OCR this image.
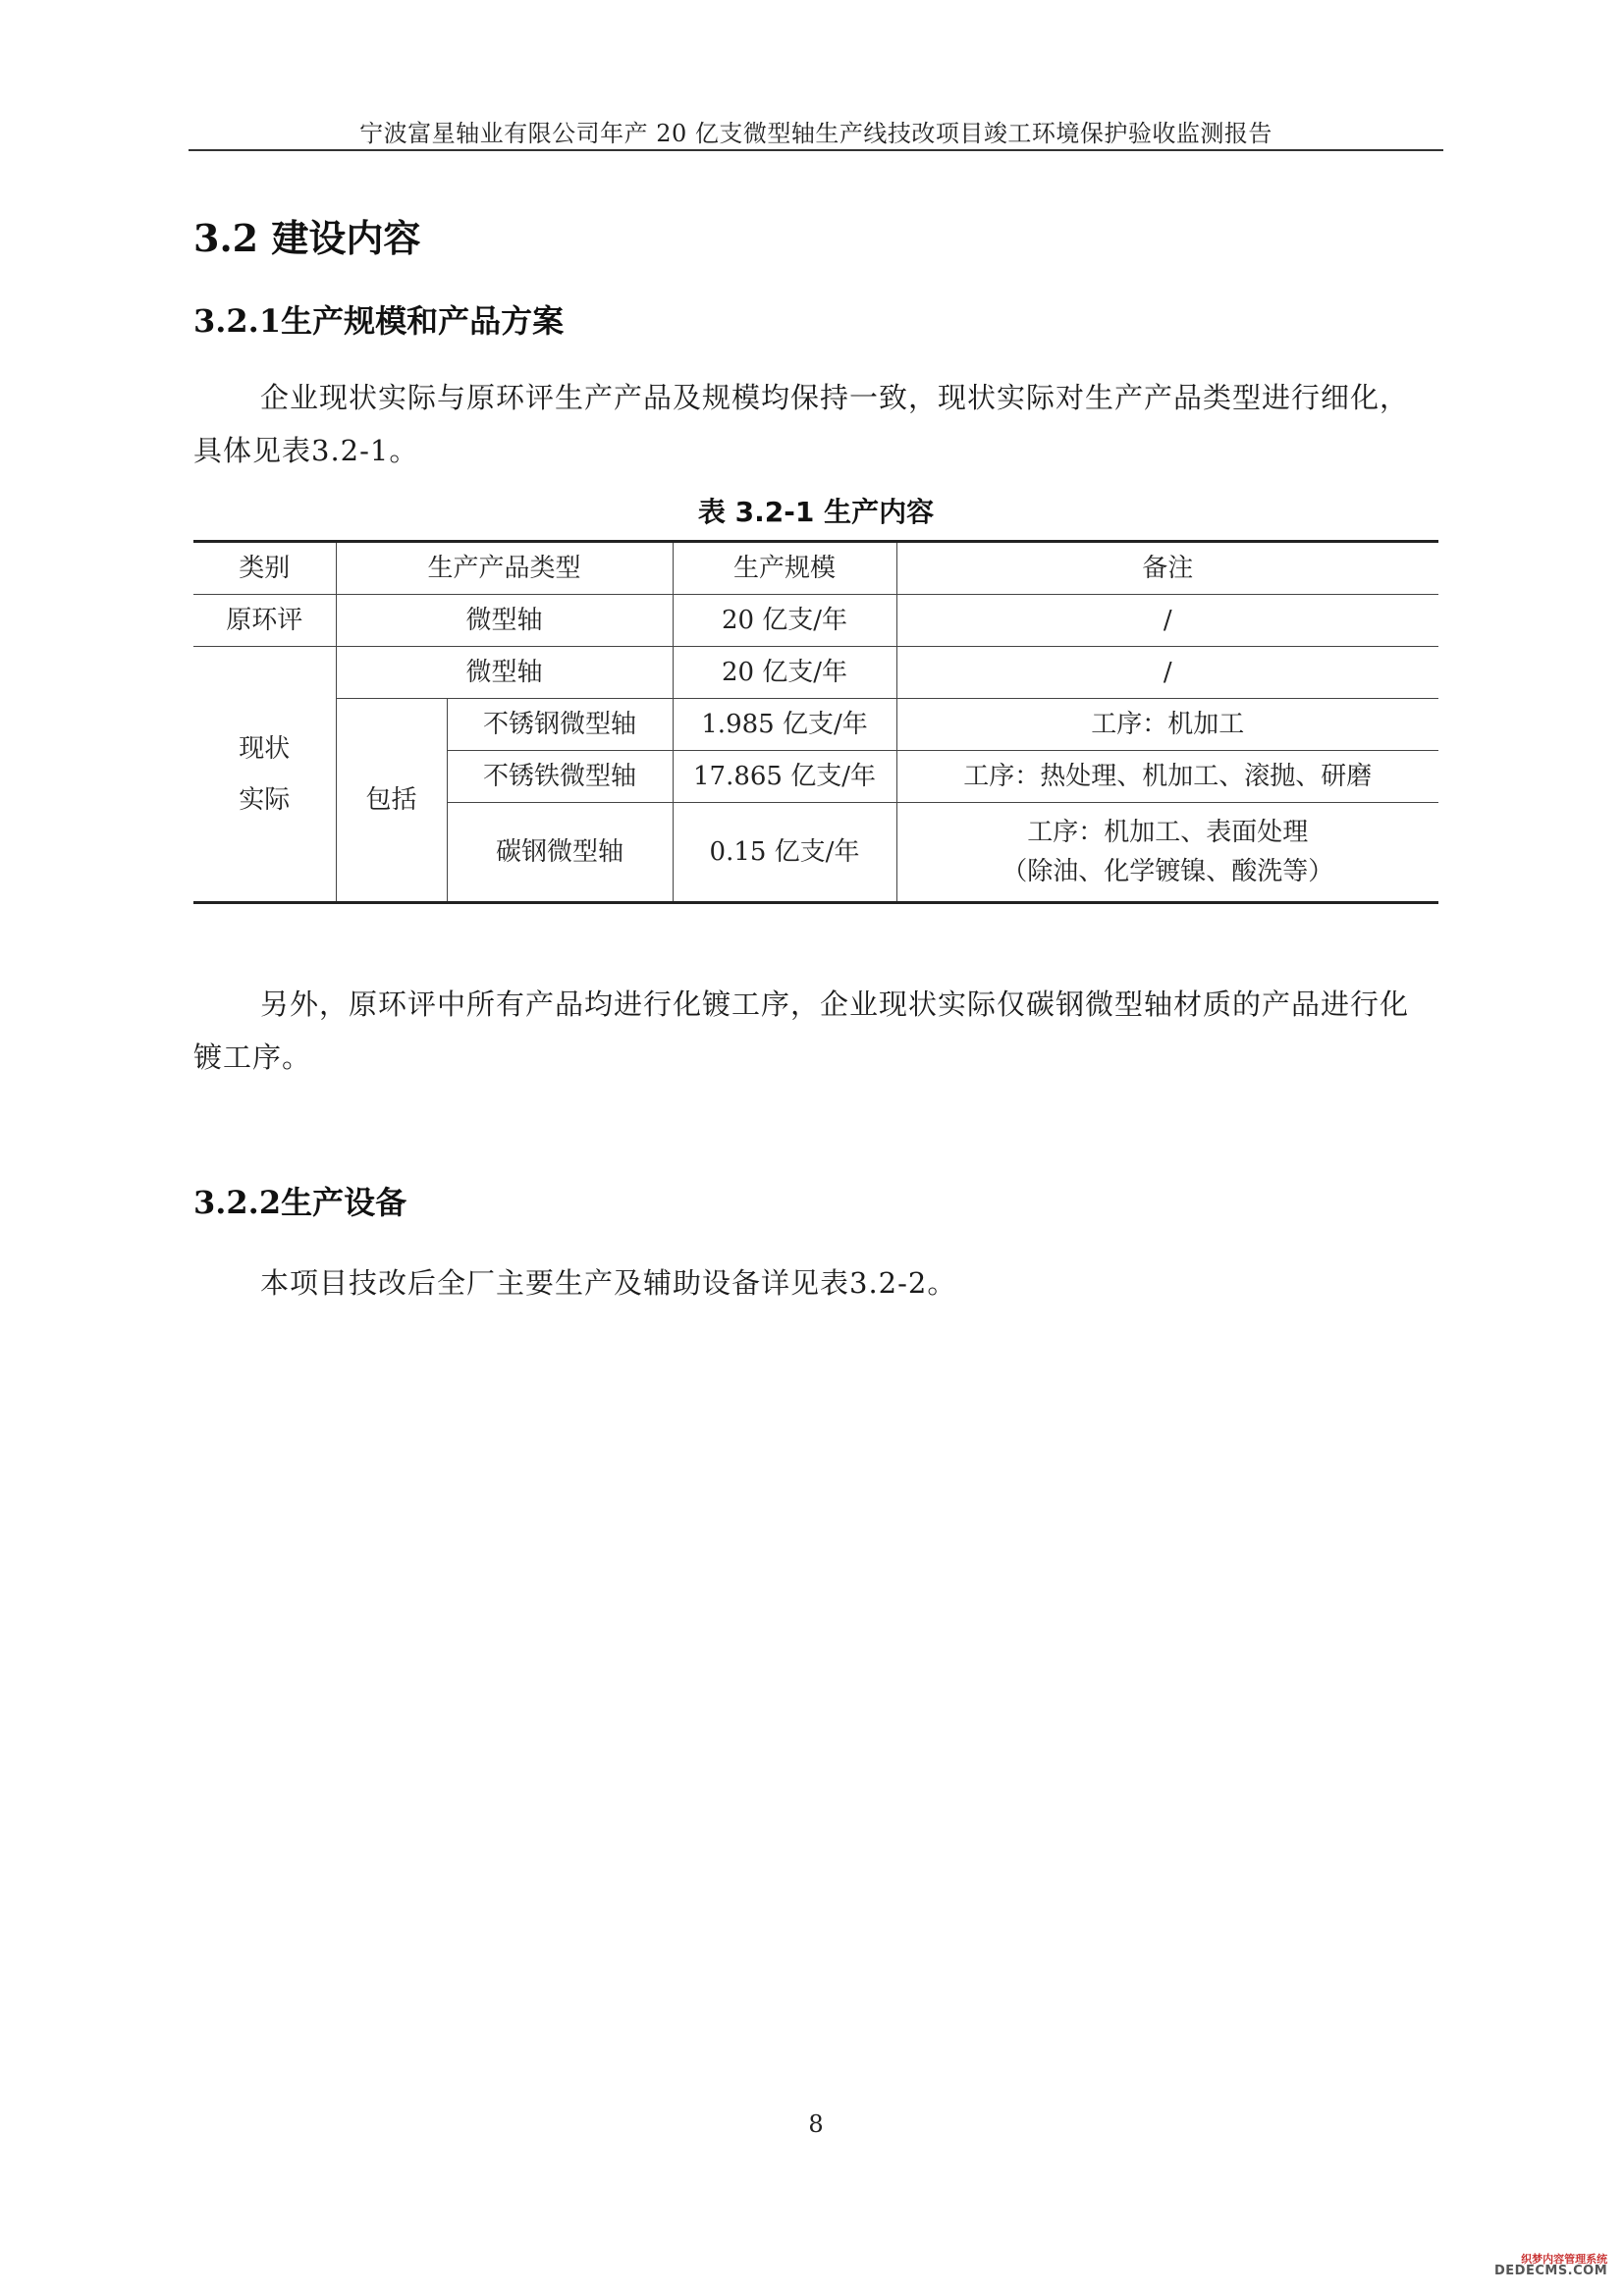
宁波富星轴业有限公司年产 20 亿支微型轴生产线技改项目竣工环境保护验收监测报告
3.2 建设内容
3.2.1生产规模和产品方案
企业现状实际与原环评生产产品及规模均保持一致，现状实际对生产产品类型进行细化，具体见表3.2-1。
表 3.2-1 生产内容
类别	生产产品类型		生产规模	备注
原环评	微型轴		20 亿支/年	/

现状
实际	微型轴		20 亿支/年	/
	包括	不锈钢微型轴	1.985 亿支/年	工序：机加工
		不锈铁微型轴	17.865 亿支/年	工序：热处理、机加工、滚抛、研磨
		碳钢微型轴	0.15 亿支/年	工序：机加工、表面处理
（除油、化学镀镍、酸洗等）
另外，原环评中所有产品均进行化镀工序，企业现状实际仅碳钢微型轴材质的产品进行化镀工序。
3.2.2生产设备
本项目技改后全厂主要生产及辅助设备详见表3.2-2。
8
织梦内容管理系统
DEDECMS.COM
